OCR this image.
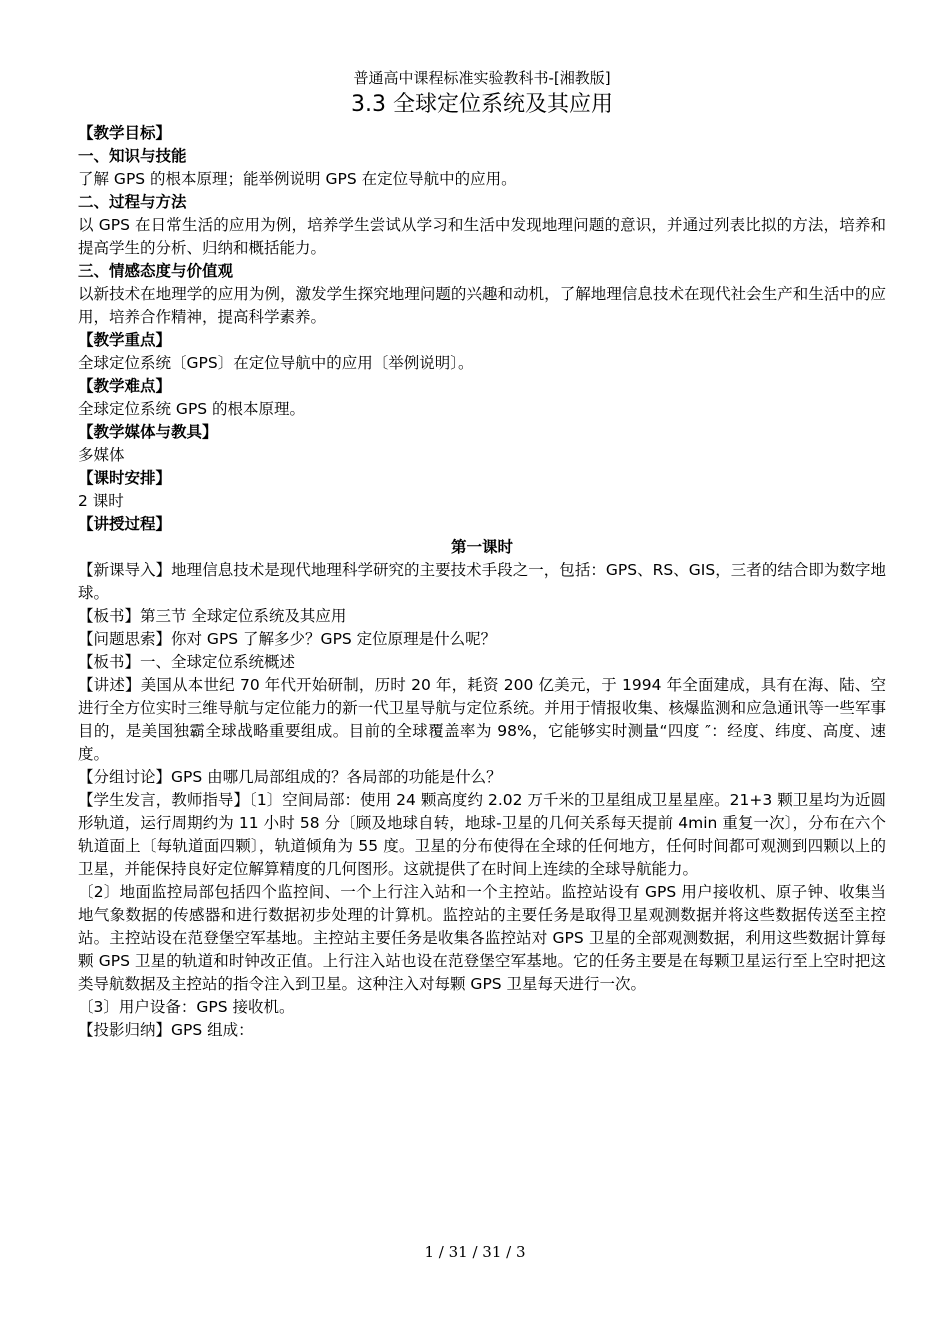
普通高中课程标准实验教科书-[湘教版]
3.3 全球定位系统及其应用
【教学目标】
一、知识与技能
了解 GPS 的根本原理；能举例说明 GPS 在定位导航中的应用。
二、过程与方法
以 GPS 在日常生活的应用为例，培养学生尝试从学习和生活中发现地理问题的意识，并通过列表比拟的方法，培养和提高学生的分析、归纳和概括能力。
三、情感态度与价值观
以新技术在地理学的应用为例，激发学生探究地理问题的兴趣和动机，了解地理信息技术在现代社会生产和生活中的应用，培养合作精神，提高科学素养。
【教学重点】
全球定位系统〔GPS〕在定位导航中的应用〔举例说明〕。
【教学难点】
全球定位系统 GPS 的根本原理。
【教学媒体与教具】
多媒体
【课时安排】
2 课时
【讲授过程】
第一课时
【新课导入】地理信息技术是现代地理科学研究的主要技术手段之一，包括：GPS、RS、GIS，三者的结合即为数字地球。
【板书】第三节 全球定位系统及其应用
【问题思索】你对 GPS 了解多少？GPS 定位原理是什么呢？
【板书】一、全球定位系统概述
【讲述】美国从本世纪 70 年代开始研制，历时 20 年，耗资 200 亿美元，于 1994 年全面建成，具有在海、陆、空进行全方位实时三维导航与定位能力的新一代卫星导航与定位系统。并用于情报收集、核爆监测和应急通讯等一些军事目的，是美国独霸全球战略重要组成。目前的全球覆盖率为 98%，它能够实时测量“四度 ″：经度、纬度、高度、速度。
【分组讨论】GPS 由哪几局部组成的？各局部的功能是什么？
【学生发言，教师指导】〔1〕空间局部：使用 24 颗高度约 2.02 万千米的卫星组成卫星星座。21+3 颗卫星均为近圆形轨道，运行周期约为 11 小时 58 分〔顾及地球自转，地球-卫星的几何关系每天提前 4min 重复一次〕，分布在六个轨道面上〔每轨道面四颗〕，轨道倾角为 55 度。卫星的分布使得在全球的任何地方，任何时间都可观测到四颗以上的卫星，并能保持良好定位解算精度的几何图形。这就提供了在时间上连续的全球导航能力。
〔2〕地面监控局部包括四个监控间、一个上行注入站和一个主控站。监控站设有 GPS 用户接收机、原子钟、收集当地气象数据的传感器和进行数据初步处理的计算机。监控站的主要任务是取得卫星观测数据并将这些数据传送至主控站。主控站设在范登堡空军基地。主控站主要任务是收集各监控站对 GPS 卫星的全部观测数据，利用这些数据计算每颗 GPS 卫星的轨道和时钟改正值。上行注入站也设在范登堡空军基地。它的任务主要是在每颗卫星运行至上空时把这类导航数据及主控站的指令注入到卫星。这种注入对每颗 GPS 卫星每天进行一次。
〔3〕用户设备：GPS 接收机。
【投影归纳】GPS 组成：
1 / 31 / 31 / 3
